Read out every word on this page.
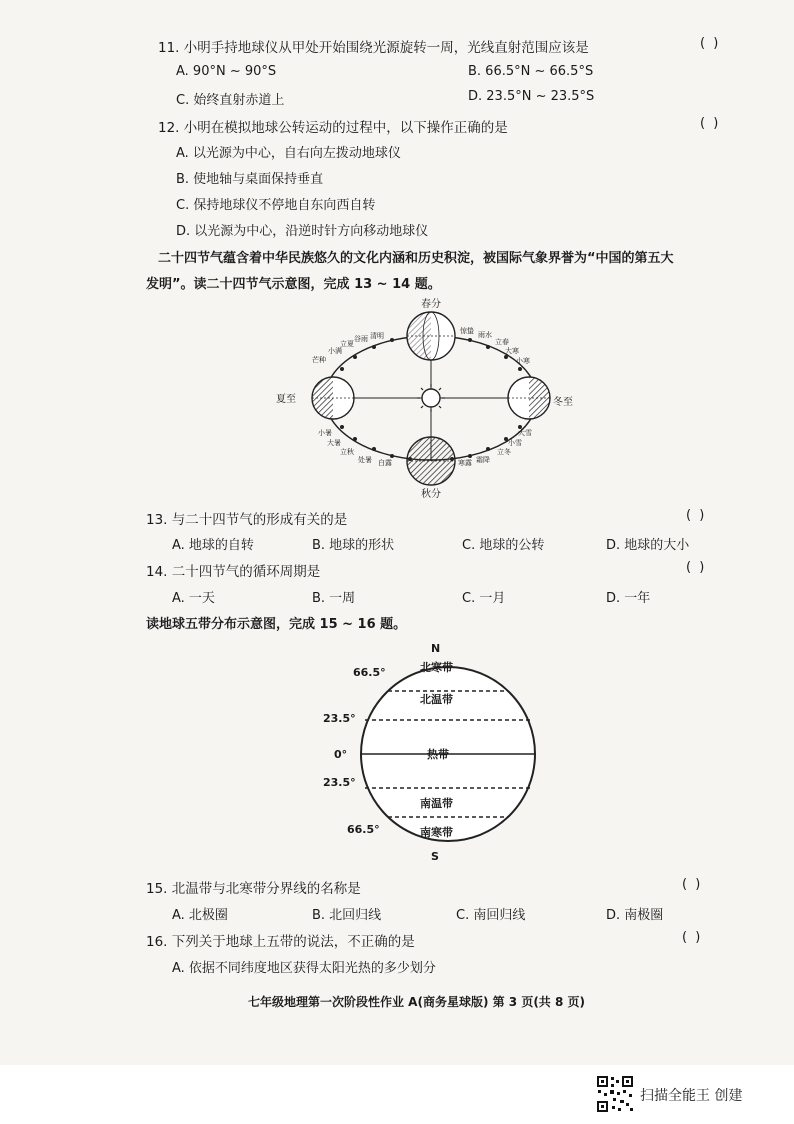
11. 小明手持地球仪从甲处开始围绕光源旋转一周，光线直射范围应该是	( )
A. 90°N ~ 90°S	B. 66.5°N ~ 66.5°S
C. 始终直射赤道上	D. 23.5°N ~ 23.5°S
12. 小明在模拟地球公转运动的过程中，以下操作正确的是	( )
A. 以光源为中心，自右向左拨动地球仪
B. 使地轴与桌面保持垂直
C. 保持地球仪不停地自东向西自转
D. 以光源为中心，沿逆时针方向移动地球仪
二十四节气蕴含着中华民族悠久的文化内涵和历史积淀，被国际气象界誉为“中国的第五大
发明”。读二十四节气示意图，完成 13 ~ 14 题。
春分
夏至
秋分
冬至
清明
谷雨
立夏
小满
芒种
惊蛰 雨水
立春
大寒
小寒
小暑
大暑
立秋
处暑 白露	寒露 霜降
立冬
小雪
大雪
13. 与二十四节气的形成有关的是	( )
A. 地球的自转	B. 地球的形状	C. 地球的公转	D. 地球的大小
14. 二十四节气的循环周期是	( )
A. 一天	B. 一周	C. 一月	D. 一年
读地球五带分布示意图，完成 15 ~ 16 题。
N
S
66.5°
23.5°
0°
23.5°
66.5°
北寒带
北温带
热带
南温带
南寒带
15. 北温带与北寒带分界线的名称是	( )
A. 北极圈	B. 北回归线	C. 南回归线	D. 南极圈
16. 下列关于地球上五带的说法，不正确的是	( )
A. 依据不同纬度地区获得太阳光热的多少划分
七年级地理第一次阶段性作业 A(商务星球版) 第 3 页(共 8 页)
扫描全能王 创建
